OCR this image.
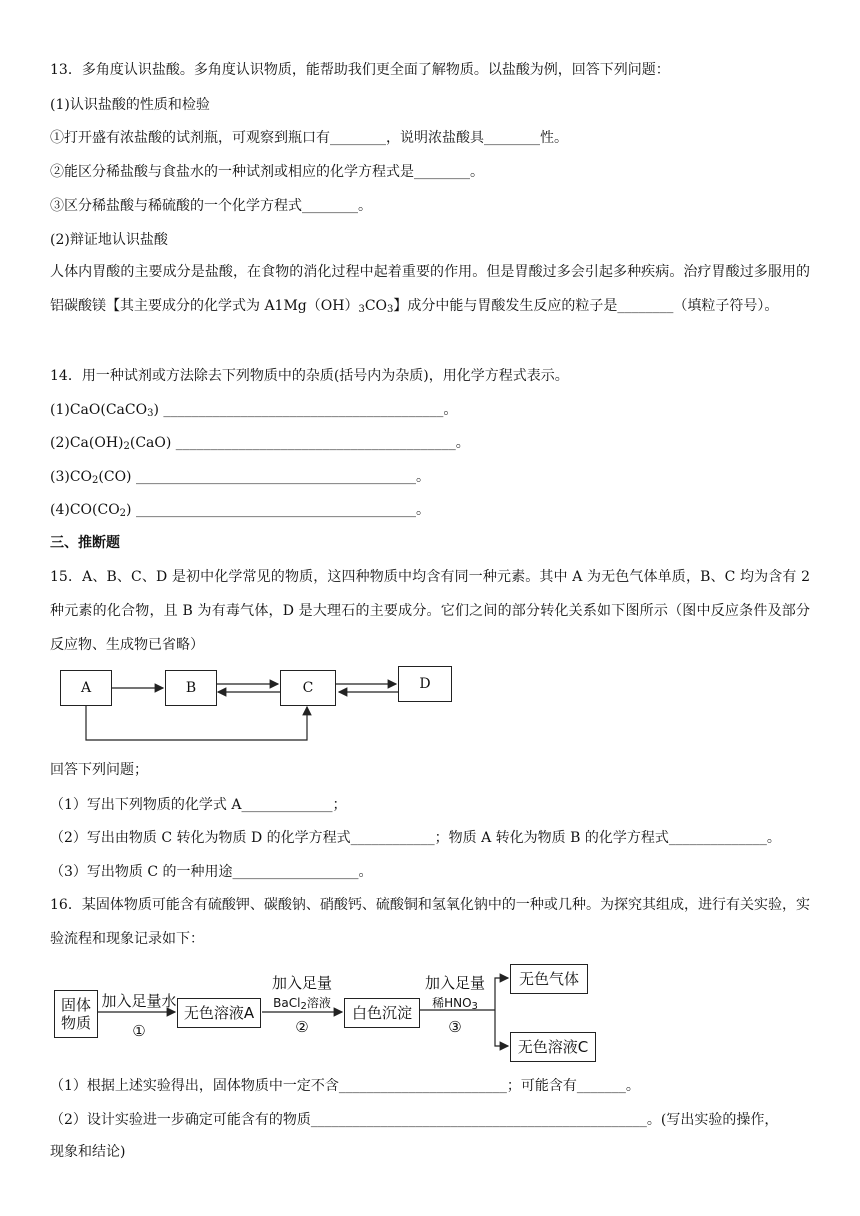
13．多角度认识盐酸。多角度认识物质，能帮助我们更全面了解物质。以盐酸为例，回答下列问题：
(1)认识盐酸的性质和检验
①打开盛有浓盐酸的试剂瓶，可观察到瓶口有________，说明浓盐酸具________性。
②能区分稀盐酸与食盐水的一种试剂或相应的化学方程式是________。
③区分稀盐酸与稀硫酸的一个化学方程式________。
(2)辩证地认识盐酸
人体内胃酸的主要成分是盐酸，在食物的消化过程中起着重要的作用。但是胃酸过多会引起多种疾病。治疗胃酸过多服用的铝碳酸镁【其主要成分的化学式为 $A1Mg(OH)_3CO_3$】成分中能与胃酸发生反应的粒子是________（填粒子符号）。
14．用一种试剂或方法除去下列物质中的杂质(括号内为杂质)，用化学方程式表示。
(1)CaO(CaCO$_3$) ________________________________________。
$(2)Ca(OH)_2(CaO)$ ________________________________________。
$(3)CO_2(CO)$ ________________________________________。
$(4)CO(CO_2)$ ________________________________________。
三、推断题
15．A、B、C、D 是初中化学常见的物质，这四种物质中均含有同一种元素。其中 A 为无色气体单质，B、C 均为含有 2 种元素的化合物，且 B 为有毒气体，D 是大理石的主要成分。它们之间的部分转化关系如下图所示（图中反应条件及部分反应物、生成物已省略）
A	B	C	D
回答下列问题；
（1）写出下列物质的化学式 A_____________；
（2）写出由物质 C 转化为物质 D 的化学方程式____________；物质 A 转化为物质 B 的化学方程式______________。
（3）写出物质 C 的一种用途__________________。
16．某固体物质可能含有硫酸钾、碳酸钠、硝酸钙、硫酸铜和氢氧化钠中的一种或几种。为探究其组成，进行有关实验，实验流程和现象记录如下：
固体物质
加入足量水
①
无色溶液A
加入足量
BaCl$_2$溶液
②
白色沉淀
加入足量
稀$HNO_3$
③
无色气体
无色溶液C
（1）根据上述实验得出，固体物质中一定不含________________________；可能含有_______。
（2）设计实验进一步确定可能含有的物质________________________________________________。(写出实验的操作，
现象和结论)
